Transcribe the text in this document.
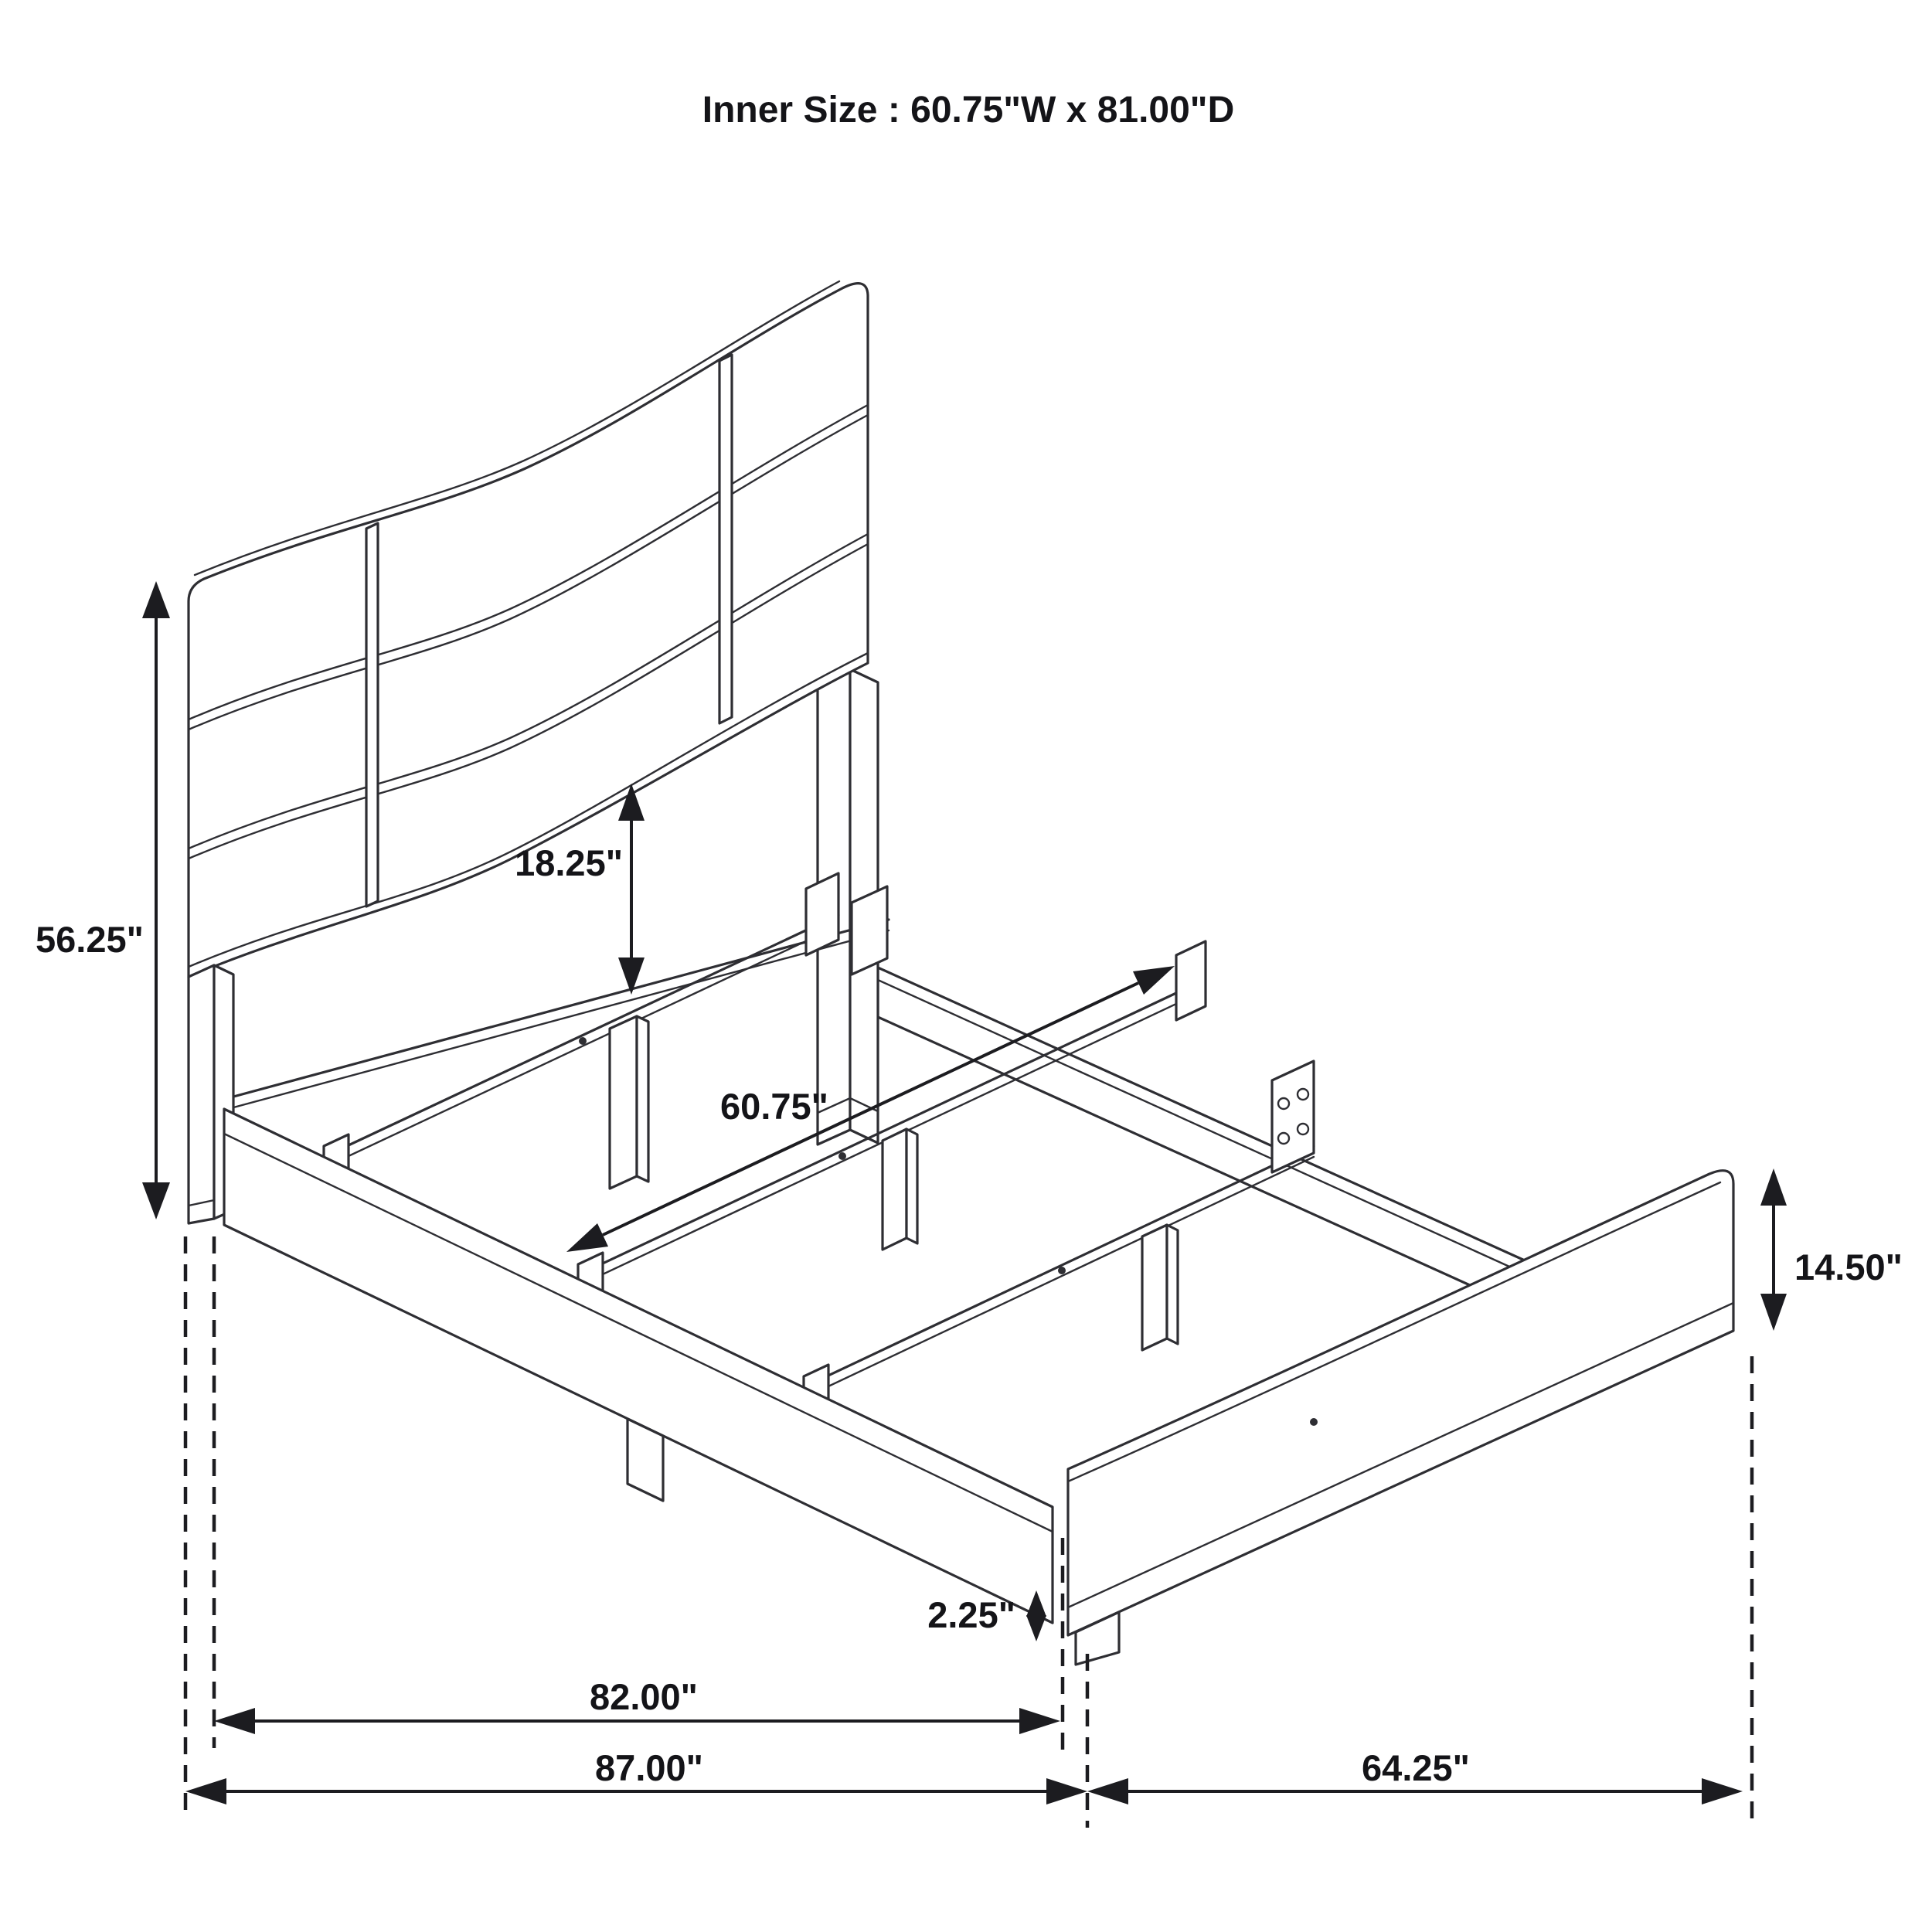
Inner Size : 60.75"W x 81.00"D
56.25"
18.25"
60.75"
14.50"
2.25"
82.00"
87.00"	64.25"
